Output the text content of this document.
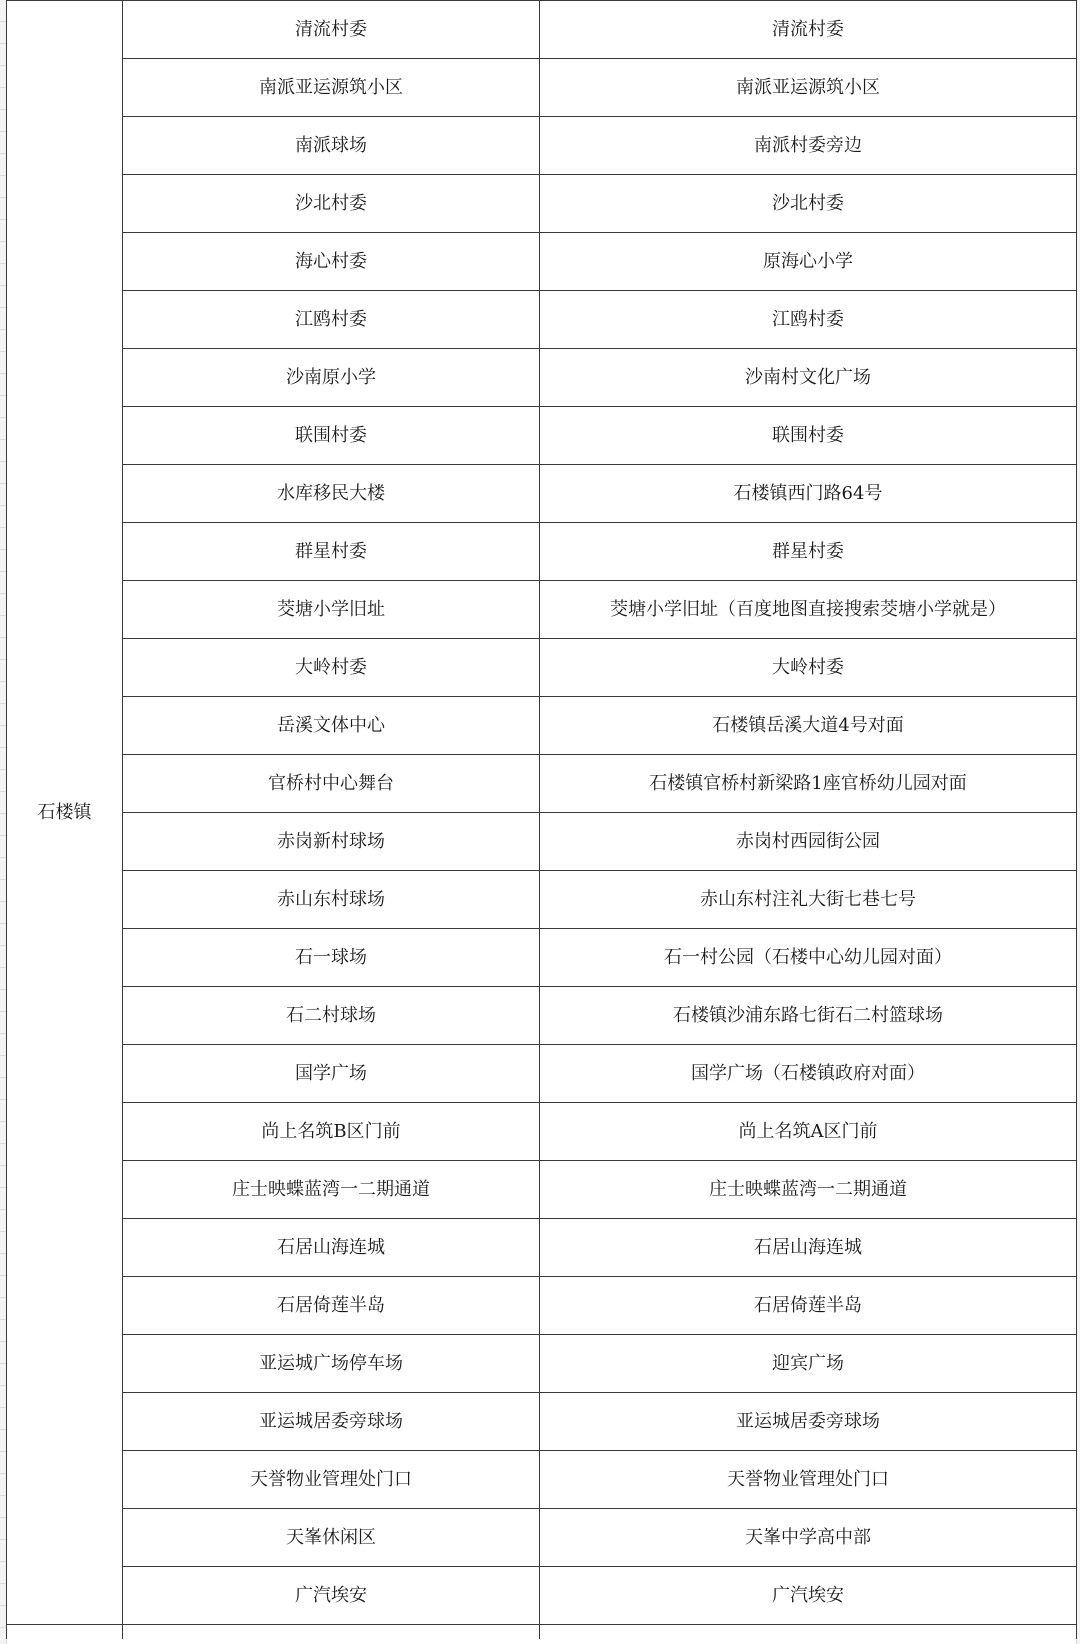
石楼镇	清流村委	清流村委
	南派亚运源筑小区	南派亚运源筑小区
	南派球场	南派村委旁边
	沙北村委	沙北村委
	海心村委	原海心小学
	江鸥村委	江鸥村委
	沙南原小学	沙南村文化广场
	联围村委	联围村委
	水库移民大楼	石楼镇西门路64号
	群星村委	群星村委
	茭塘小学旧址	茭塘小学旧址（百度地图直接搜索茭塘小学就是）
	大岭村委	大岭村委
	岳溪文体中心	石楼镇岳溪大道4号对面
	官桥村中心舞台	石楼镇官桥村新梁路1座官桥幼儿园对面
	赤岗新村球场	赤岗村西园街公园
	赤山东村球场	赤山东村注礼大街七巷七号
	石一球场	石一村公园（石楼中心幼儿园对面）
	石二村球场	石楼镇沙浦东路七街石二村篮球场
	国学广场	国学广场（石楼镇政府对面）
	尚上名筑B区门前	尚上名筑A区门前
	庄士映蝶蓝湾一二期通道	庄士映蝶蓝湾一二期通道
	石居山海连城	石居山海连城
	石居倚莲半岛	石居倚莲半岛
	亚运城广场停车场	迎宾广场
	亚运城居委旁球场	亚运城居委旁球场
	天誉物业管理处门口	天誉物业管理处门口
	天峯休闲区	天峯中学高中部
	广汽埃安	广汽埃安
